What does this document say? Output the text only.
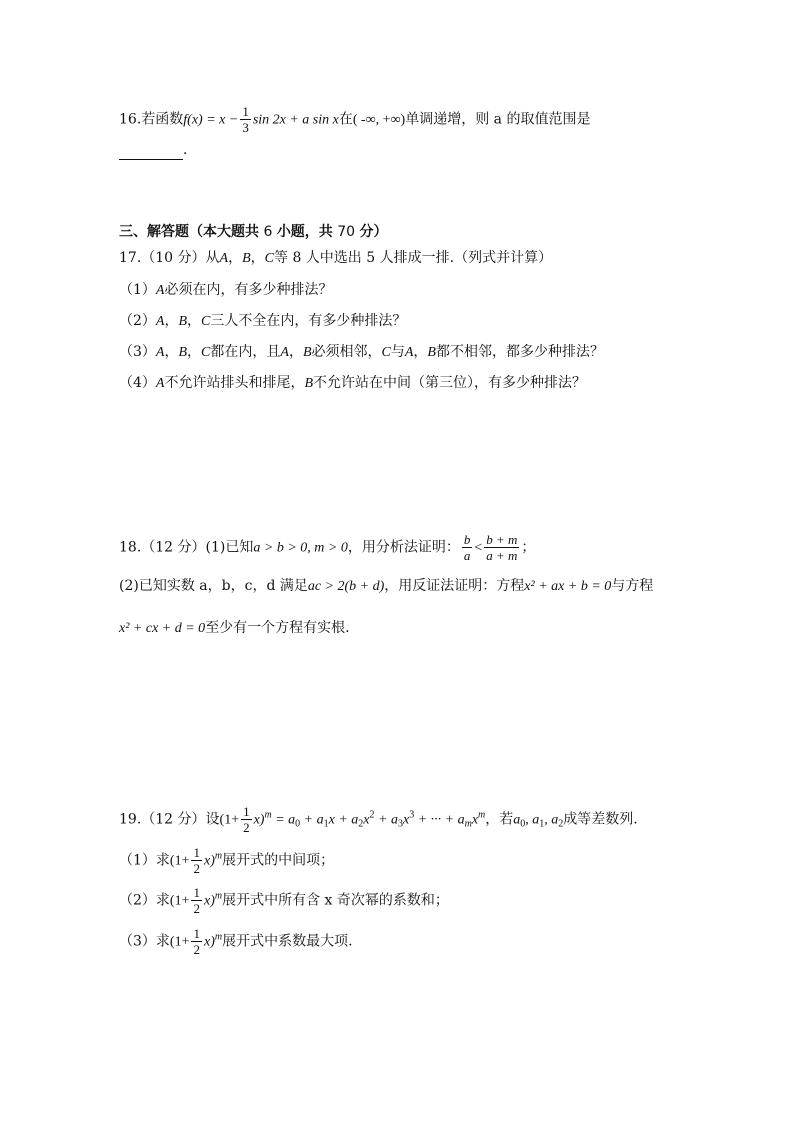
16.若函数$f(x) = x - \frac{1}{3}$ sin 2x + a sin x在( -∞, +∞)单调递增，则 a 的取值范围是
.
三、解答题（本大题共 6 小题，共 70 分）
17.（10 分）从A，B，C等 8 人中选出 5 人排成一排.（列式并计算）
（1）A必须在内，有多少种排法？
（2）A，B，C三人不全在内，有多少种排法？
（3）A，B，C都在内，且A，B必须相邻，C与A，B都不相邻，都多少种排法？
（4）A不允许站排头和排尾，B不允许站在中间（第三位），有多少种排法？
18.（12 分）(1)已知a > b > 0, m > 0，用分析法证明： $\frac{b}{a} < \frac{b + m}{a + m}$ ；
(2)已知实数 a，b，c，d 满足ac > 2(b + d)，用反证法证明：方程x² + ax + b = 0与方程
x² + cx + d = 0至少有一个方程有实根.
19.（12 分）设$(1+ \frac{1}{2} x)^m = a_0 + a_1x + a_2x^2 + a_3x^3$ + ··· + $a_mx^m$，若$a_0$, $a_1$, $a_2$成等差数列.
（1）求$(1+ \frac{1}{2} x)^m$展开式的中间项；
（2）求$(1+ \frac{1}{2} x)^m$展开式中所有含 x 奇次幂的系数和；
（3）求$(1+ \frac{1}{2} x)^m$展开式中系数最大项.
